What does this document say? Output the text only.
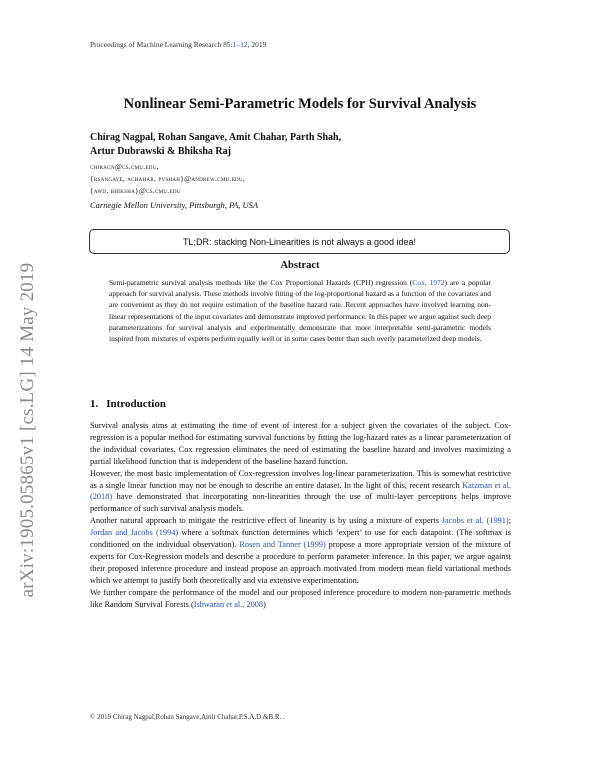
Proceedings of Machine Learning Research 85:1–12, 2019
arXiv:1905.05865v1 [cs.LG] 14 May 2019
Nonlinear Semi-Parametric Models for Survival Analysis
Chirag Nagpal, Rohan Sangave, Amit Chahar, Parth Shah,
Artur Dubrawski & Bhiksha Raj
chiragn@cs.cmu.edu,
{rsangave, achahar, pvshah}@andrew.cmu.edu,
{awd, bhiksha}@cs.cmu.edu
Carnegie Mellon University, Pittsburgh, PA, USA
TL;DR: stacking Non-Linearities is not always a good idea!
Abstract
Semi-parametric survival analysis methods like the Cox Proportional Hazards (CPH) regression (Cox, 1972) are a popular approach for survival analysis. These methods involve fitting of the log-proportional hazard as a function of the covariates and are convenient as they do not require estimation of the baseline hazard rate. Recent approaches have involved learning non-linear representations of the input covariates and demonstrate improved performance. In this paper we argue against such deep parameterizations for survival analysis and experimentally demonstrate that more interpretable semi-parametric models inspired from mixtures of experts perform equally well or in some cases better than such overly parameterized deep models.
1. Introduction

Survival analysis aims at estimating the time of event of interest for a subject given the covariates of the subject. Cox-regression is a popular method for estimating survival functions by fitting the log-hazard rates as a linear parameterization of the individual covariates. Cox regression eliminates the need of estimating the baseline hazard and involves maximizing a partial likelihood function that is independent of the baseline hazard function.

However, the most basic implementation of Cox-regression involves log-linear parameterization. This is somewhat restrictive as a single linear function may not be enough to describe an entire dataset. In the light of this, recent research Katzman et al. (2018) have demonstrated that incorporating non-linearities through the use of multi-layer perceptrons helps improve performance of such survival analysis models.

Another natural approach to mitigate the restrictive effect of linearity is by using a mixture of experts Jacobs et al. (1991); Jordan and Jacobs (1994) where a softmax function determines which ‘expert’ to use for each datapoint. (The softmax is conditioned on the individual observation). Rosen and Tanner (1999) propose a more appropriate version of the mixture of experts for Cox-Regression models and describe a procedure to perform parameter inference. In this paper, we argue against their proposed inference procedure and instead propose an approach motivated from modern mean field variational methods which we attempt to justify both theoretically and via extensive experimentation.

We further compare the performance of the model and our proposed inference procedure to modern non-parametric methods like Random Survival Forests (Ishwaran et al., 2008)

© 2019 Chirag Nagpal,Rohan Sangave,Amit Chahar,P.S.A.D.&B.R. .
